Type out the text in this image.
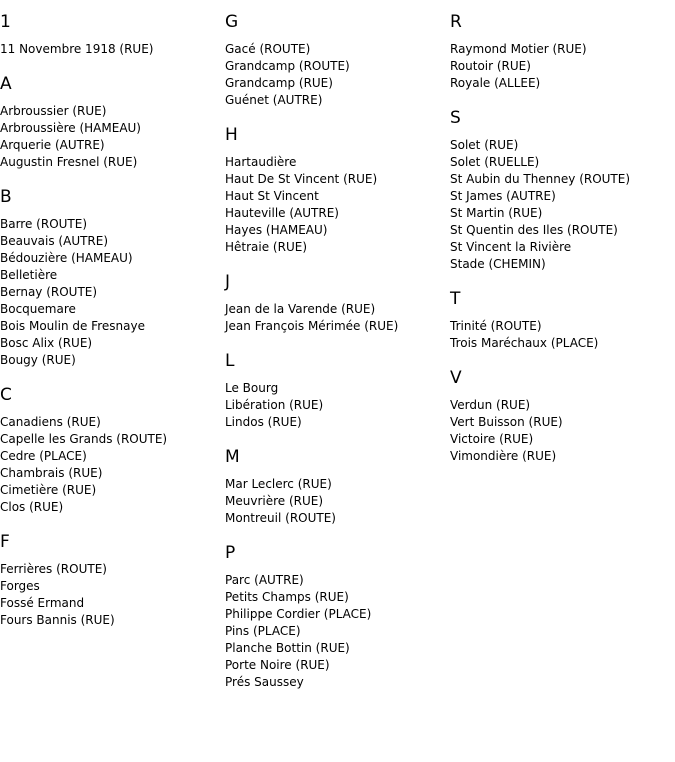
1
11 Novembre 1918 (RUE)
A
Arbroussier (RUE)
Arbroussière (HAMEAU)
Arquerie (AUTRE)
Augustin Fresnel (RUE)
B
Barre (ROUTE)
Beauvais (AUTRE)
Bédouzière (HAMEAU)
Belletière
Bernay (ROUTE)
Bocquemare
Bois Moulin de Fresnaye
Bosc Alix (RUE)
Bougy (RUE)
C
Canadiens (RUE)
Capelle les Grands (ROUTE)
Cedre (PLACE)
Chambrais (RUE)
Cimetière (RUE)
Clos (RUE)
F
Ferrières (ROUTE)
Forges
Fossé Ermand
Fours Bannis (RUE)
G
Gacé (ROUTE)
Grandcamp (ROUTE)
Grandcamp (RUE)
Guénet (AUTRE)
H
Hartaudière
Haut De St Vincent (RUE)
Haut St Vincent
Hauteville (AUTRE)
Hayes (HAMEAU)
Hêtraie (RUE)
J
Jean de la Varende (RUE)
Jean François Mérimée (RUE)
L
Le Bourg
Libération (RUE)
Lindos (RUE)
M
Mar Leclerc (RUE)
Meuvrière (RUE)
Montreuil (ROUTE)
P
Parc (AUTRE)
Petits Champs (RUE)
Philippe Cordier (PLACE)
Pins (PLACE)
Planche Bottin (RUE)
Porte Noire (RUE)
Prés Saussey
R
Raymond Motier (RUE)
Routoir (RUE)
Royale (ALLEE)
S
Solet (RUE)
Solet (RUELLE)
St Aubin du Thenney (ROUTE)
St James (AUTRE)
St Martin (RUE)
St Quentin des Iles (ROUTE)
St Vincent la Rivière
Stade (CHEMIN)
T
Trinité (ROUTE)
Trois Maréchaux (PLACE)
V
Verdun (RUE)
Vert Buisson (RUE)
Victoire (RUE)
Vimondière (RUE)
